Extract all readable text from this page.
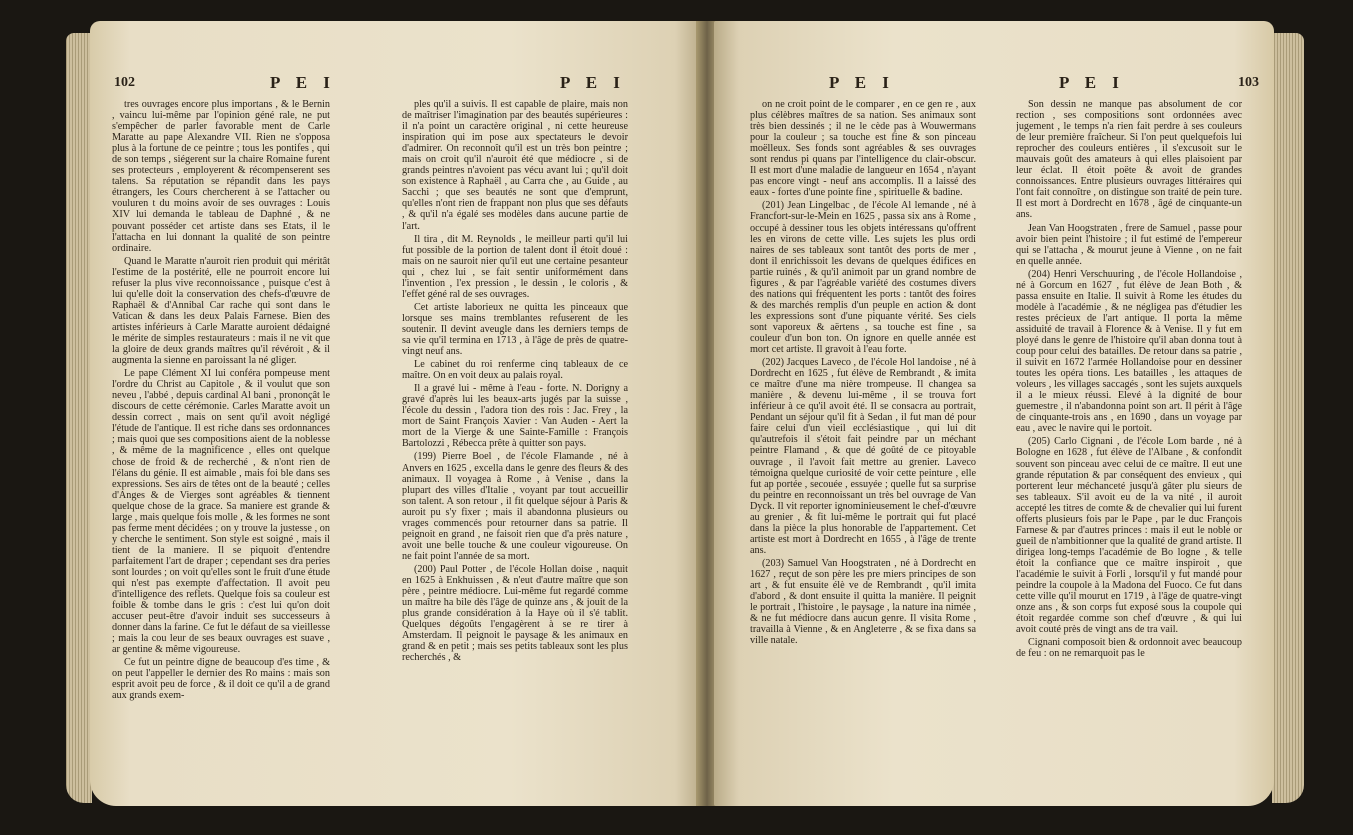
102	P E I	P E I

tres ouvrages encore plus importans , & le Bernin , vaincu lui-même par l'opinion géné rale, ne put s'empêcher de parler favorable ment de Carle Maratte au pape Alexandre VII. Rien ne s'opposa plus à la fortune de ce peintre ; tous les pontifes , qui de son temps , siégerent sur la chaire Romaine furent ses protecteurs , employerent & récompenserent ses talens. Sa réputation se répandit dans les pays étrangers, les Cours chercherent à se l'attacher ou vouluren t du moins avoir de ses ouvrages : Louis XIV lui demanda le tableau de Daphné , & ne pouvant posséder cet artiste dans ses Etats, il le l'attacha en lui donnant la qualité de son peintre ordinaire.

Quand le Maratte n'auroit rien produit qui méritât l'estime de la postérité, elle ne pourroit encore lui refuser la plus vive reconnoissance , puisque c'est à lui qu'elle doit la conservation des chefs-d'œuvre de Raphaël & d'Annibal Car rache qui sont dans le Vatican & dans les deux Palais Farnese. Bien des artistes inférieurs à Carle Maratte auroient dédaigné le mérite de simples restaurateurs : mais il ne vit que la gloire de deux grands maîtres qu'il révéroit , & il augmenta la sienne en paroissant la né gliger.

Le pape Clément XI lui conféra pompeuse ment l'ordre du Christ au Capitole , & il voulut que son neveu , l'abbé , depuis cardinal Al bani , prononçât le discours de cette cérémonie. Carles Maratte avoit un dessin correct , mais on sent qu'il avoit négligé l'étude de l'antique. Il est riche dans ses ordonnances ; mais quoi que ses compositions aient de la noblesse , & même de la magnificence , elles ont quelque chose de froid & de recherché , & n'ont rien de l'élans du génie. Il est aimable , mais foi ble dans ses expressions. Ses airs de têtes ont de la beauté ; celles d'Anges & de Vierges sont agréables & tiennent quelque chose de la grace. Sa maniere est grande & large , mais quelque fois molle , & les formes ne sont pas ferme ment décidées ; on y trouve la justesse , on y cherche le sentiment. Son style est soigné , mais il tient de la maniere. Il se piquoit d'entendre parfaitement l'art de draper ; cependant ses dra peries sont lourdes ; on voit qu'elles sont le fruit d'une étude qui n'est pas exempte d'affectation. Il avoit peu d'intelligence des reflets. Quelque fois sa couleur est foible & tombe dans le gris : c'est lui qu'on doit accuser peut-être d'avoir induit ses successeurs à donner dans la farine. Ce fut le défaut de sa vieillesse ; mais la cou leur de ses beaux ouvrages est suave , ar gentine & même vigoureuse.

Ce fut un peintre digne de beaucoup d'es time , & on peut l'appeller le dernier des Ro mains : mais son esprit avoit peu de force , & il doit ce qu'il a de grand aux grands exem-

ples qu'il a suivis. Il est capable de plaire, mais non de maîtriser l'imagination par des beautés supérieures : il n'a point un caractère original , ni cette heureuse inspiration qui im pose aux spectateurs le devoir d'admirer. On reconnoît qu'il est un très bon peintre ; mais on croit qu'il n'auroit été que médiocre , si de grands peintres n'avoient pas vécu avant lui ; qu'il doit son existence à Raphaël , au Carra che , au Guide , au Sacchi ; que ses beautés ne sont que d'emprunt, qu'elles n'ont rien de frappant non plus que ses défauts , & qu'il n'a égalé ses modèles dans aucune partie de l'art.

Il tira , dit M. Reynolds , le meilleur parti qu'il lui fut possible de la portion de talent dont il étoit doué : mais on ne sauroit nier qu'il eut une certaine pesanteur qui , chez lui , se fait sentir uniformément dans l'invention , l'ex pression , le dessin , le coloris , & l'effet géné ral de ses ouvrages.

Cet artiste laborieux ne quitta les pinceaux que lorsque ses mains tremblantes refuserent de les soutenir. Il devint aveugle dans les derniers temps de sa vie qu'il termina en 1713 , à l'âge de près de quatre-vingt neuf ans.

Le cabinet du roi renferme cinq tableaux de ce maître. On en voit deux au palais royal.

Il a gravé lui - même à l'eau - forte. N. Dorigny a gravé d'après lui les beaux-arts jugés par la suisse , l'école du dessin , l'adora tion des rois : Jac. Frey , la mort de Saint François Xavier : Van Auden - Aert la mort de la Vierge & une Sainte-Famille : François Bartolozzi , Rébecca prête à quitter son pays.

(199) Pierre Boel , de l'école Flamande , né à Anvers en 1625 , excella dans le genre des fleurs & des animaux. Il voyagea à Rome , à Venise , dans la plupart des villes d'Italie , voyant par tout accueillir son talent. A son retour , il fit quelque séjour à Paris & auroit pu s'y fixer ; mais il abandonna plusieurs ou vrages commencés pour retourner dans sa patrie. Il peignoit en grand , ne faisoit rien que d'a près nature , avoit une belle touche & une couleur vigoureuse. On ne fait point l'année de sa mort.

(200) Paul Potter , de l'école Hollan doise , naquit en 1625 à Enkhuissen , & n'eut d'autre maître que son père , peintre médiocre. Lui-même fut regardé comme un maître ha bile dès l'âge de quinze ans , & jouit de la plus grande considération à la Haye où il s'é tablit. Quelques dégoûts l'engagèrent à se re tirer à Amsterdam. Il peignoit le paysage & les animaux en grand & en petit ; mais ses petits tableaux sont les plus recherchés , &

P E I	P E I	103

on ne croit point de le comparer , en ce gen re , aux plus célèbres maîtres de sa nation. Ses animaux sont très bien dessinés ; il ne le cède pas à Wouwermans pour la couleur ; sa touche est fine & son pinceau moëlleux. Ses fonds sont agréables & ses ouvrages sont rendus pi quans par l'intelligence du clair-obscur. Il est mort d'une maladie de langueur en 1654 , n'ayant pas encore vingt - neuf ans accomplis. Il a laissé des eaux - fortes d'une pointe fine , spirituelle & badine.

(201) Jean Lingelbac , de l'école Al lemande , né à Francfort-sur-le-Mein en 1625 , passa six ans à Rome , occupé à dessiner tous les objets intéressans qu'offrent les en virons de cette ville. Les sujets les plus ordi naires de ses tableaux sont tantôt des ports de mer , dont il enrichissoit les devans de quelques édifices en partie ruinés , & qu'il animoit par un grand nombre de figures , & par l'agréable variété des costumes divers des nations qui fréquentent les ports : tantôt des foires & des marchés remplis d'un peuple en action & dont les expressions sont d'une piquante vérité. Ses ciels sont vaporeux & aërtens , sa touche est fine , sa couleur d'un bon ton. On ignore en quelle année est mort cet artiste. Il gravoit à l'eau forte.

(202) Jacques Laveco , de l'école Hol landoise , né à Dordrecht en 1625 , fut élève de Rembrandt , & imita ce maître d'une ma nière trompeuse. Il changea sa manière , & devenu lui-même , il se trouva fort inférieur à ce qu'il avoit été. Il se consacra au portrait, Pendant un séjour qu'il fit à Sedan , il fut man dé pour faire celui d'un vieil ecclésiastique , qui lui dit qu'autrefois il s'étoit fait peindre par un méchant peintre Flamand , & que dé goûté de ce pitoyable ouvrage , il l'avoit fait mettre au grenier. Laveco témoigna quelque curiosité de voir cette peinture , elle fut ap portée , secouée , essuyée ; quelle fut sa surprise du peintre en reconnoissant un très bel ouvrage de Van Dyck. Il vit reporter ignominieusement le chef-d'œuvre au grenier , & fit lui-même le portrait qui fut placé dans la pièce la plus honorable de l'appartement. Cet artiste est mort à Dordrecht en 1655 , à l'âge de trente ans.

(203) Samuel Van Hoogstraten , né à Dordrecht en 1627 , reçut de son père les pre miers principes de son art , & fut ensuite élè ve de Rembrandt , qu'il imita d'abord , & dont ensuite il quitta la manière. Il peignit le portrait , l'histoire , le paysage , la nature ina nimée , & ne fut médiocre dans aucun genre. Il visita Rome , travailla à Vienne , & en Angleterre , & se fixa dans sa ville natale.

Son dessin ne manque pas absolument de cor rection , ses compositions sont ordonnées avec jugement , le temps n'a rien fait perdre à ses couleurs de leur première fraîcheur. Si l'on peut quelquefois lui reprocher des couleurs entières , il s'excusoit sur le mauvais goût des amateurs à qui elles plaisoient par leur éclat. Il étoit poëte & avoit de grandes connoissances. Entre plusieurs ouvrages littéraires qui l'ont fait connoître , on distingue son traité de pein ture. Il est mort à Dordrecht en 1678 , âgé de cinquante-un ans.

Jean Van Hoogstraten , frere de Samuel , passe pour avoir bien peint l'histoire ; il fut estimé de l'empereur qui se l'attacha , & mourut jeune à Vienne , on ne fait en quelle année.

(204) Henri Verschuuring , de l'école Hollandoise , né à Gorcum en 1627 , fut élève de Jean Both , & passa ensuite en Italie. Il suivit à Rome les études du modèle à l'académie , & ne négligea pas d'étudier les restes précieux de l'art antique. Il porta la même assiduité de travail à Florence & à Venise. Il y fut em ployé dans le genre de l'histoire qu'il aban donna tout à coup pour celui des batailles. De retour dans sa patrie , il suivit en 1672 l'armée Hollandoise pour en dessiner toutes les opéra tions. Les batailles , les attaques de voleurs , les villages saccagés , sont les sujets auxquels il a le mieux réussi. Elevé à la dignité de bour guemestre , il n'abandonna point son art. Il périt à l'âge de cinquante-trois ans , en 1690 , dans un voyage par eau , avec le navire qui le portoit.

(205) Carlo Cignani , de l'école Lom barde , né à Bologne en 1628 , fut élève de l'Albane , & confondit souvent son pinceau avec celui de ce maître. Il eut une grande réputation & par conséquent des envieux , qui porterent leur méchanceté jusqu'à gâter plu sieurs de ses tableaux. S'il avoit eu de la va nité , il auroit accepté les titres de comte & de chevalier qui lui furent offerts plusieurs fois par le Pape , par le duc François Farnese & par d'autres princes : mais il eut le noble or gueil de n'ambitionner que la qualité de grand artiste. Il dirigea long-temps l'académie de Bo logne , & telle étoit la confiance que ce maître inspiroit , que l'académie le suivit à Forli , lorsqu'il y fut mandé pour peindre la coupole à la Madona del Fuoco. Ce fut dans cette ville qu'il mourut en 1719 , à l'âge de quatre-vingt onze ans , & son corps fut exposé sous la coupole qui étoit regardée comme son chef d'œuvre , & qui lui avoit couté près de vingt ans de tra vail.

Cignani composoit bien & ordonnoit avec beaucoup de feu : on ne remarquoit pas le
